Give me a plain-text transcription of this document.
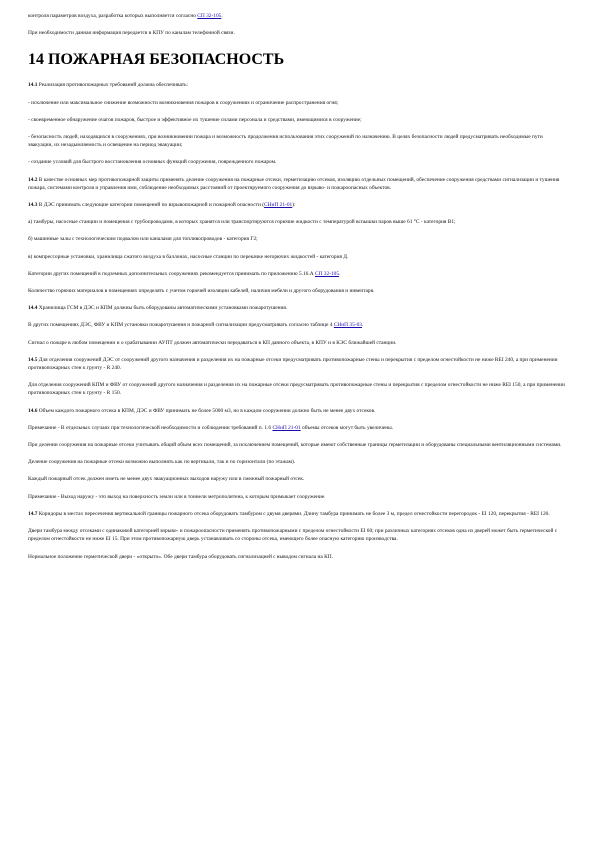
контроля параметров воздуха, разработка которых выполняется согласно СП 32-105.

При необходимости данная информация передается в КПУ по каналам телефонной связи.

14 ПОЖАРНАЯ БЕЗОПАСНОСТЬ

14.1 Реализация противопожарных требований должна обеспечивать:

- исключение или максимальное снижение возможности возникновения пожаров в сооружениях и ограничение распространения огня;

- своевременное обнаружение очагов пожаров, быстрое и эффективное их тушение силами персонала и средствами, имеющимися в сооружение;

- безопасность людей, находящихся в сооружениях, при возникновении пожара и возможность продолжения использования этих сооружений по назначению. В целях безопасности людей предусматривать необходимые пути эвакуации, их незадымляемость и освещение на период эвакуации;

- создание условий для быстрого восстановления основных функций сооружения, поврежденного пожаром.

14.2 В качестве основных мер противопожарной защиты применять деление сооружения на пожарные отсеки, герметизацию отсеков, изоляцию отдельных помещений, обеспечение сооружения средствами сигнализации и тушения пожара, системами контроля и управления ими, соблюдение необходимых расстояний от проектируемого сооружения до взрыво- и пожароопасных объектов.

14.3 В ДЭС принимать следующие категории помещений по взрывопожарной и пожарной опасности (СНиП 21-01):

а) тамбуры, насосные станции и помещения с трубопроводами, в которых хранятся или транспортируются горючие жидкости с температурой вспышки паров выше 61 °С - категория В1;

б) машинные залы с технологическим подвалом или каналами для топливопроводов - категория Г2;

в) компрессорные установки, хранилища сжатого воздуха в баллонах, насосные станции по перекачке негорючих жидкостей - категория Д.

Категории других помещений в подземных дополнительных сооружениях рекомендуется принимать по приложению 5.16.А СП 32-105.

Количество горючих материалов в помещениях определять с учетом горючей изоляции кабелей, наличия мебели и другого оборудования и инвентаря.

14.4 Хранилища ГСМ в ДЭС и КПМ должны быть оборудованы автоматическими установками пожаротушения.

В других помещениях ДЭС, ФВУ и КПМ установки пожаротушения и пожарной сигнализации предусматривать согласно таблице 4 СНиП 35-03.

Сигнал о пожаре в любом помещении и о срабатывании АУПТ должен автоматически передаваться в КП данного объекта, в КПУ и в КЭС ближайшей станции.

14.5 Для отделения сооружений ДЭС от сооружений другого назначения и разделения их на пожарные отсеки предусматривать противопожарные стены и перекрытия с пределом огнестойкости не ниже REI 240, а при применении противопожарных стен к грунту - R 240.

Для отделения сооружений КПМ и ФВУ от сооружений другого назначения и разделения их на пожарные отсеки предусматривать противопожарные стены и перекрытия с пределом огнестойкости не ниже REI 150, а при применении противопожарных стен к грунту - R 150.

14.6 Объем каждого пожарного отсека в КПМ, ДЭС и ФВУ принимать не более 5000 м3, но в каждом сооружении должно быть не менее двух отсеков.

Примечание - В отдельных случаях при технологической необходимости и соблюдении требований п. 1.6 СНиП 21-01 объемы отсеков могут быть увеличены.

При делении сооружения на пожарные отсеки учитывать общий объем всех помещений, за исключением помещений, которые имеют собственные границы герметизации и оборудованы специальными вентиляционными системами.

Деление сооружения на пожарные отсеки возможно выполнять как по вертикали, так и по горизонтали (по этажам).

Каждый пожарный отсек должен иметь не менее двух эвакуационных выходов наружу или в смежный пожарный отсек.

Примечание - Выход наружу - это выход на поверхность земли или в тоннели метрополитена, к которым примыкает сооружение.

14.7 Коридоры в местах пересечения вертикальной границы пожарного отсека оборудовать тамбуром с двумя дверями. Длину тамбура принимать не более 3 м, предел огнестойкости перегородок - EI 120, перекрытия - REI 120.

Двери тамбура между отсеками с одинаковой категорией взрыво- и пожароопасности применять противопожарными с пределом огнестойкости EI 60; при различных категориях отсеков одна из дверей может быть герметической с пределом огнестойкости не ниже EI 15. При этом противопожарную дверь устанавливать со стороны отсека, имеющего более опасную категорию производства.

Нормальное положение герметической двери - «открыто». Обе двери тамбура оборудовать сигнализацией с выводом сигнала на КП.
